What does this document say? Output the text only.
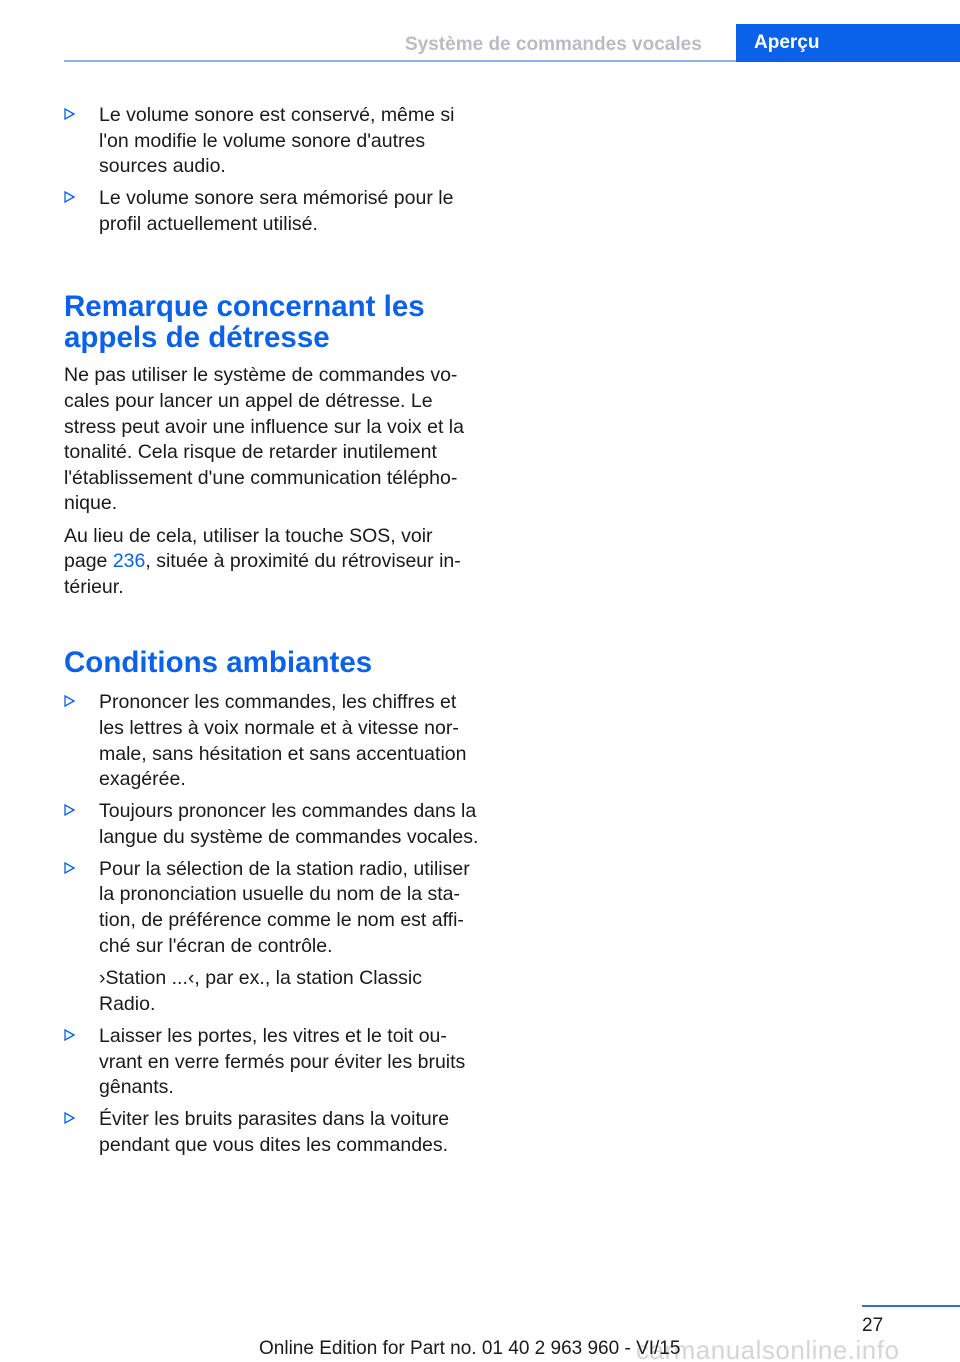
Système de commandes vocales	Aperçu
Le volume sonore est conservé, même si l'on modifie le volume sonore d'autres sources audio.
Le volume sonore sera mémorisé pour le profil actuellement utilisé.
Remarque concernant les appels de détresse

Ne pas utiliser le système de commandes vocales pour lancer un appel de détresse. Le stress peut avoir une influence sur la voix et la tonalité. Cela risque de retarder inutilement l'établissement d'une communication téléphonique.

Au lieu de cela, utiliser la touche SOS, voir page 236, située à proximité du rétroviseur intérieur.

Conditions ambiantes
Prononcer les commandes, les chiffres et les lettres à voix normale et à vitesse normale, sans hésitation et sans accentuation exagérée.
Toujours prononcer les commandes dans la langue du système de commandes vocales.
Pour la sélection de la station radio, utiliser la prononciation usuelle du nom de la station, de préférence comme le nom est affiché sur l'écran de contrôle.
›Station ...‹, par ex., la station Classic Radio.
Laisser les portes, les vitres et le toit ouvrant en verre fermés pour éviter les bruits gênants.
Éviter les bruits parasites dans la voiture pendant que vous dites les commandes.
27
carmanualsonline.info
Online Edition for Part no. 01 40 2 963 960 - VI/15
